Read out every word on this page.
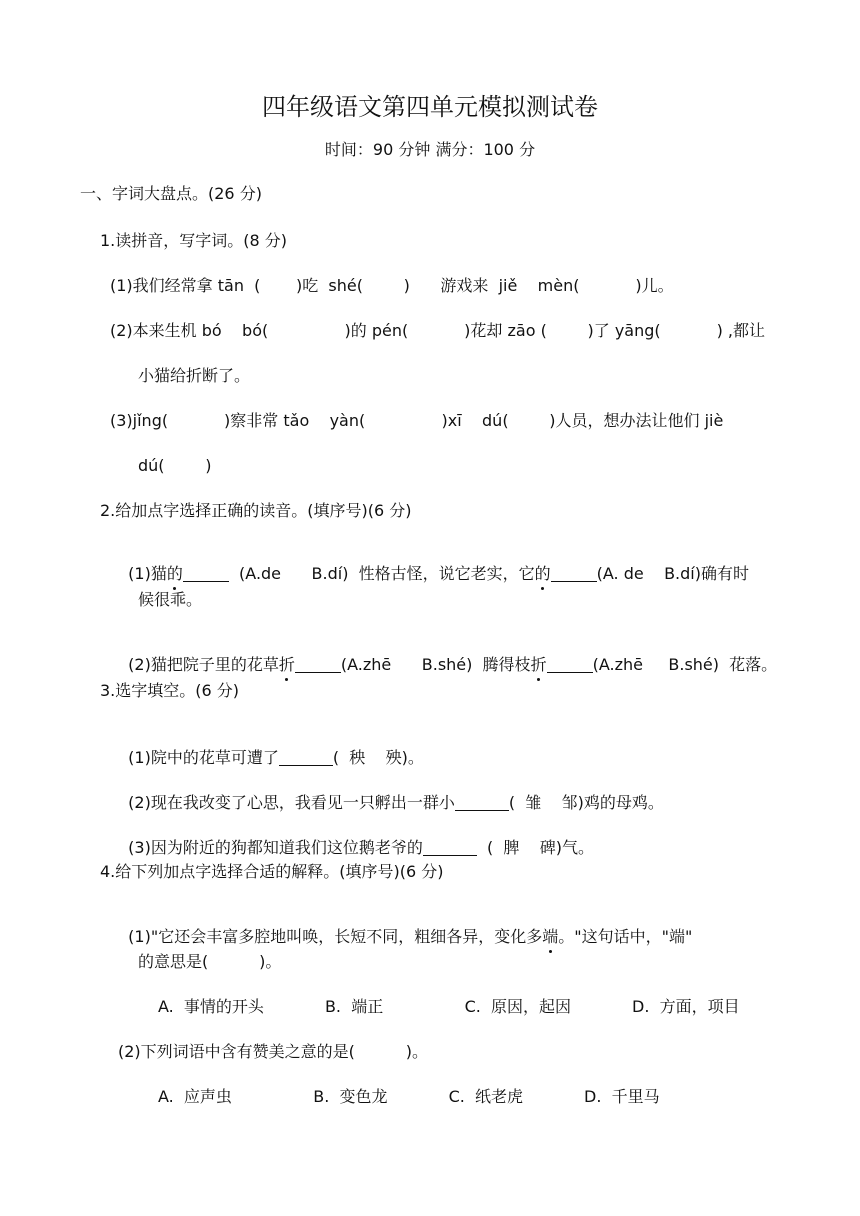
四年级语文第四单元模拟测试卷
时间：90 分钟 满分：100 分
一、字词大盘点。(26 分)
1.读拼音，写字词。(8 分)
(1)我们经常拿 tān  (       )吃  shé(        )      游戏来  jiě    mèn(           )儿。
(2)本来生机 bó    bó(               )的 pén(           )花却 zāo (        )了 yāng(           ) ,都让
小猫给折断了。
(3)jǐng(           )察非常 tǎo    yàn(               )xī    dú(        )人员，想办法让他们 jiè
dú(        )
2.给加点字选择正确的读音。(填序号)(6 分)

(1)猫的	(A.de      B.dí)  性格古怪，说它老实，它的	(A. de    B.dí)确有时

候很乖。

(2)猫把院子里的花草折	(A.zhē      B.shé)  腾得枝折	(A.zhē     B.shé)  花落。

3.选字填空。(6 分)

(1)院中的花草可遭了	(  秧    殃)。

(2)现在我改变了心思，我看见一只孵出一群小	(  雏    邹)鸡的母鸡。

(3)因为附近的狗都知道我们这位鹅老爷的	(  脾    碑)气。

4.给下列加点字选择合适的解释。(填序号)(6 分)

(1)"它还会丰富多腔地叫唤，长短不同，粗细各异，变化多端。"这句话中，"端"

的意思是(          )。
A.  事情的开头            B.  端正                C.  原因，起因            D.  方面，项目
(2)下列词语中含有赞美之意的是(          )。
A.  应声虫                B.  变色龙            C.  纸老虎            D.  千里马
